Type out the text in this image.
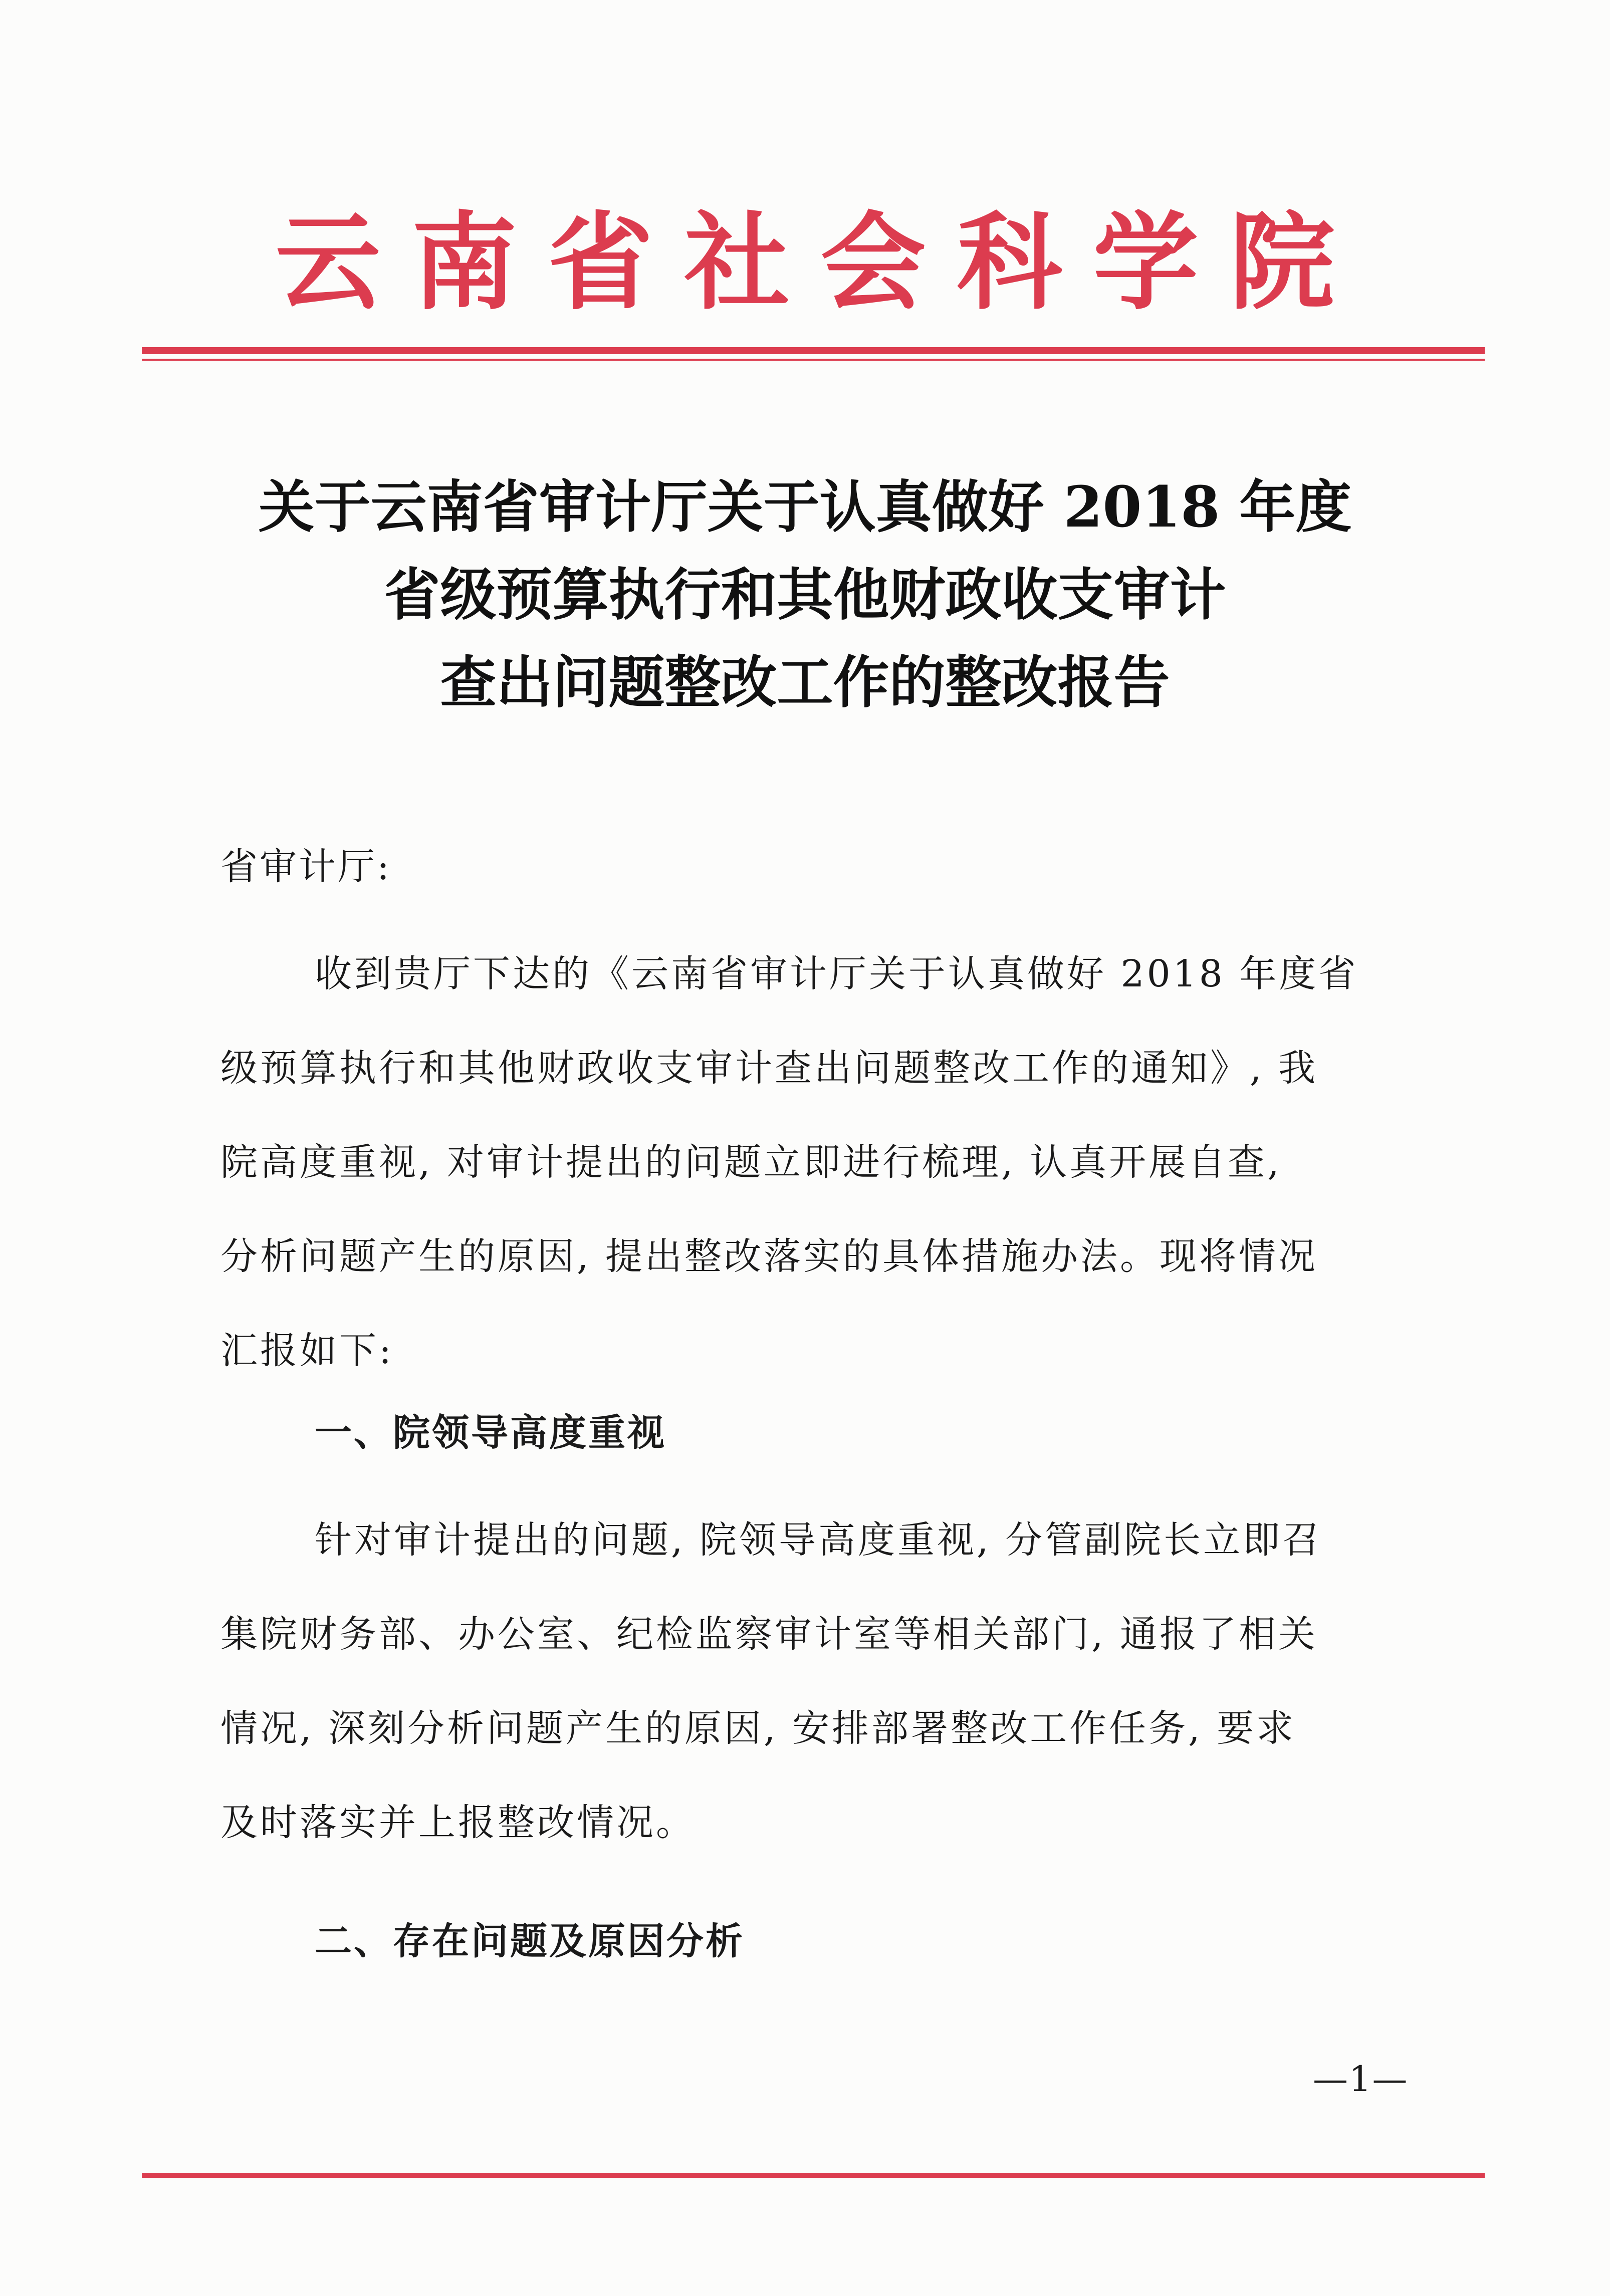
云南省社会科学院
关于云南省审计厅关于认真做好 2018 年度
省级预算执行和其他财政收支审计
查出问题整改工作的整改报告
省审计厅:
收到贵厅下达的《云南省审计厅关于认真做好 2018 年度省
级预算执行和其他财政收支审计查出问题整改工作的通知》, 我
院高度重视, 对审计提出的问题立即进行梳理, 认真开展自查,
分析问题产生的原因, 提出整改落实的具体措施办法。现将情况
汇报如下:
一、院领导高度重视
针对审计提出的问题, 院领导高度重视, 分管副院长立即召
集院财务部、办公室、纪检监察审计室等相关部门, 通报了相关
情况, 深刻分析问题产生的原因, 安排部署整改工作任务, 要求
及时落实并上报整改情况。
二、存在问题及原因分析
—1—
